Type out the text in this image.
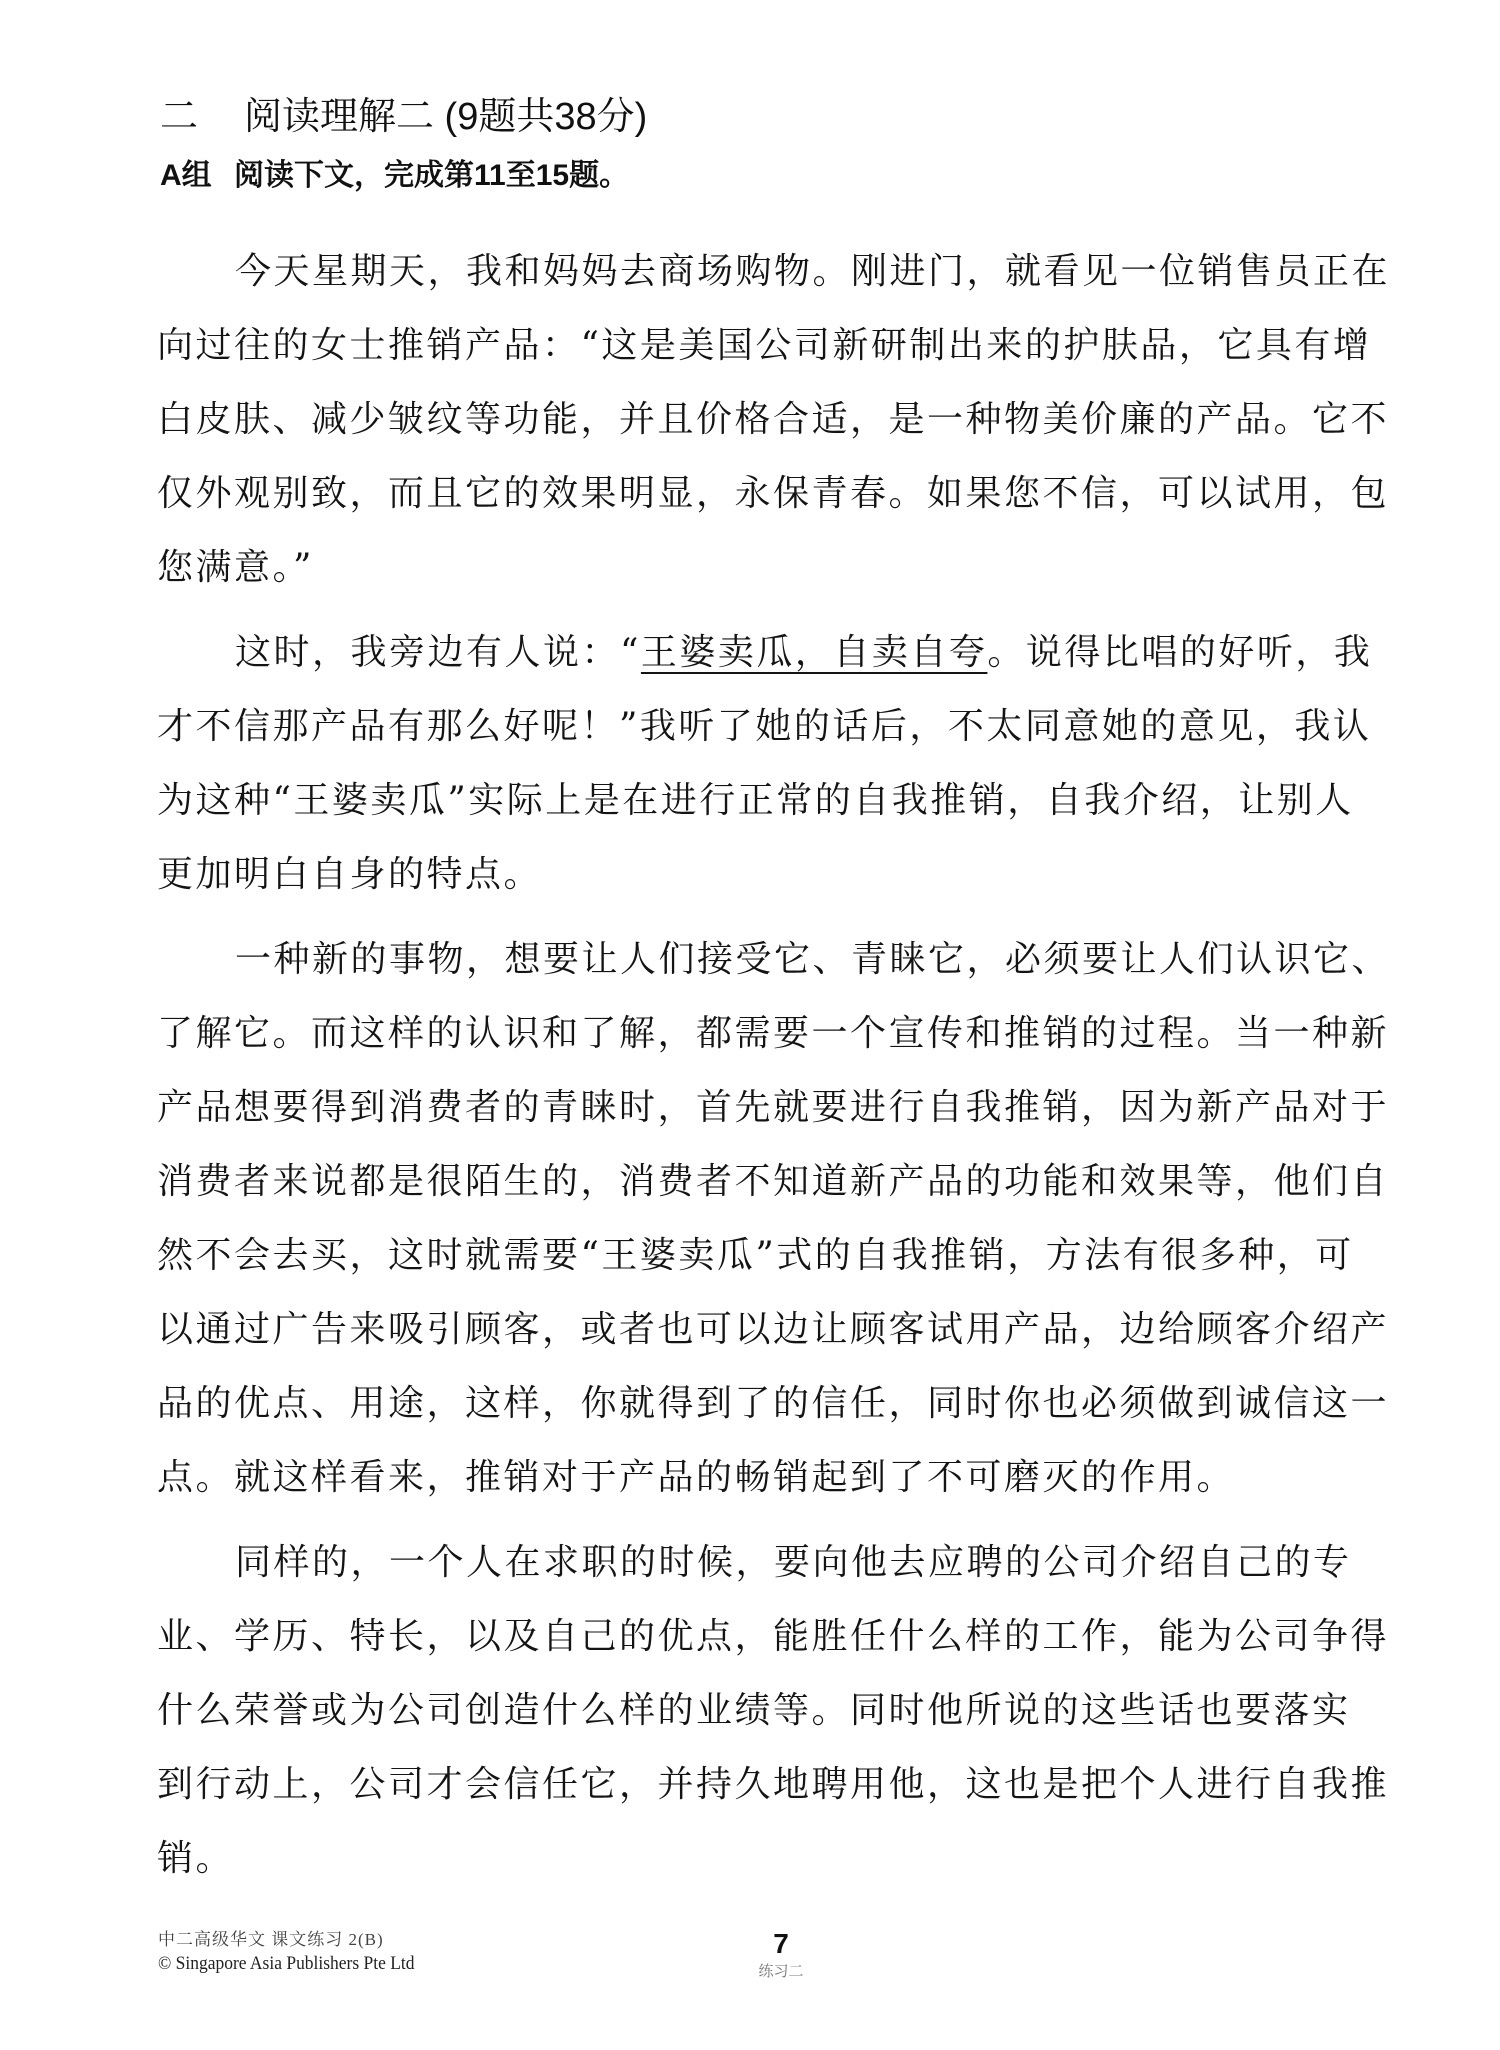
二	阅读理解二 (9题共38分)
A组 阅读下文，完成第11至15题。
今天星期天，我和妈妈去商场购物。刚进门，就看见一位销售员正在
向过往的女士推销产品：“这是美国公司新研制出来的护肤品，它具有增
白皮肤、减少皱纹等功能，并且价格合适，是一种物美价廉的产品。它不
仅外观别致，而且它的效果明显，永保青春。如果您不信，可以试用，包
您满意。”
这时，我旁边有人说：“王婆卖瓜，自卖自夸。说得比唱的好听，我
才不信那产品有那么好呢！”我听了她的话后，不太同意她的意见，我认
为这种“王婆卖瓜”实际上是在进行正常的自我推销，自我介绍，让别人
更加明白自身的特点。
一种新的事物，想要让人们接受它、青睐它，必须要让人们认识它、
了解它。而这样的认识和了解，都需要一个宣传和推销的过程。当一种新
产品想要得到消费者的青睐时，首先就要进行自我推销，因为新产品对于
消费者来说都是很陌生的，消费者不知道新产品的功能和效果等，他们自
然不会去买，这时就需要“王婆卖瓜”式的自我推销，方法有很多种，可
以通过广告来吸引顾客，或者也可以边让顾客试用产品，边给顾客介绍产
品的优点、用途，这样，你就得到了的信任，同时你也必须做到诚信这一
点。就这样看来，推销对于产品的畅销起到了不可磨灭的作用。
同样的，一个人在求职的时候，要向他去应聘的公司介绍自己的专
业、学历、特长，以及自己的优点，能胜任什么样的工作，能为公司争得
什么荣誉或为公司创造什么样的业绩等。同时他所说的这些话也要落实
到行动上，公司才会信任它，并持久地聘用他，这也是把个人进行自我推
销。
中二高级华文 课文练习 2(B)
© Singapore Asia Publishers Pte Ltd
7
练习二
